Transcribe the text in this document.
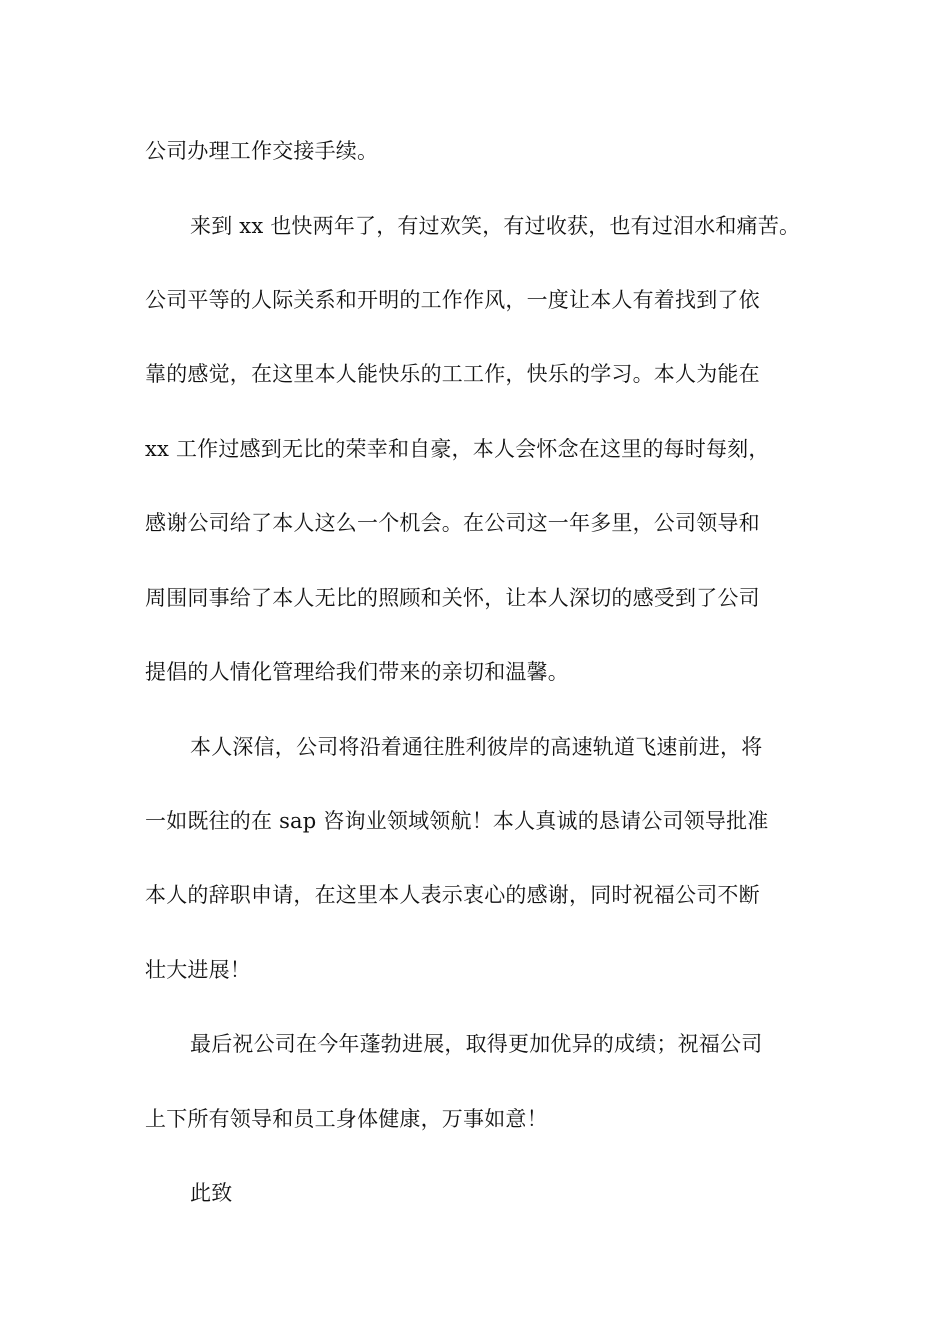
公司办理工作交接手续。
来到 xx 也快两年了，有过欢笑，有过收获，也有过泪水和痛苦。
公司平等的人际关系和开明的工作作风，一度让本人有着找到了依
靠的感觉，在这里本人能快乐的工工作，快乐的学习。本人为能在
xx 工作过感到无比的荣幸和自豪，本人会怀念在这里的每时每刻，
感谢公司给了本人这么一个机会。在公司这一年多里，公司领导和
周围同事给了本人无比的照顾和关怀，让本人深切的感受到了公司
提倡的人情化管理给我们带来的亲切和温馨。
本人深信，公司将沿着通往胜利彼岸的高速轨道飞速前进，将
一如既往的在 sap 咨询业领域领航！本人真诚的恳请公司领导批准
本人的辞职申请，在这里本人表示衷心的感谢，同时祝福公司不断
壮大进展！
最后祝公司在今年蓬勃进展，取得更加优异的成绩；祝福公司
上下所有领导和员工身体健康，万事如意！
此致
